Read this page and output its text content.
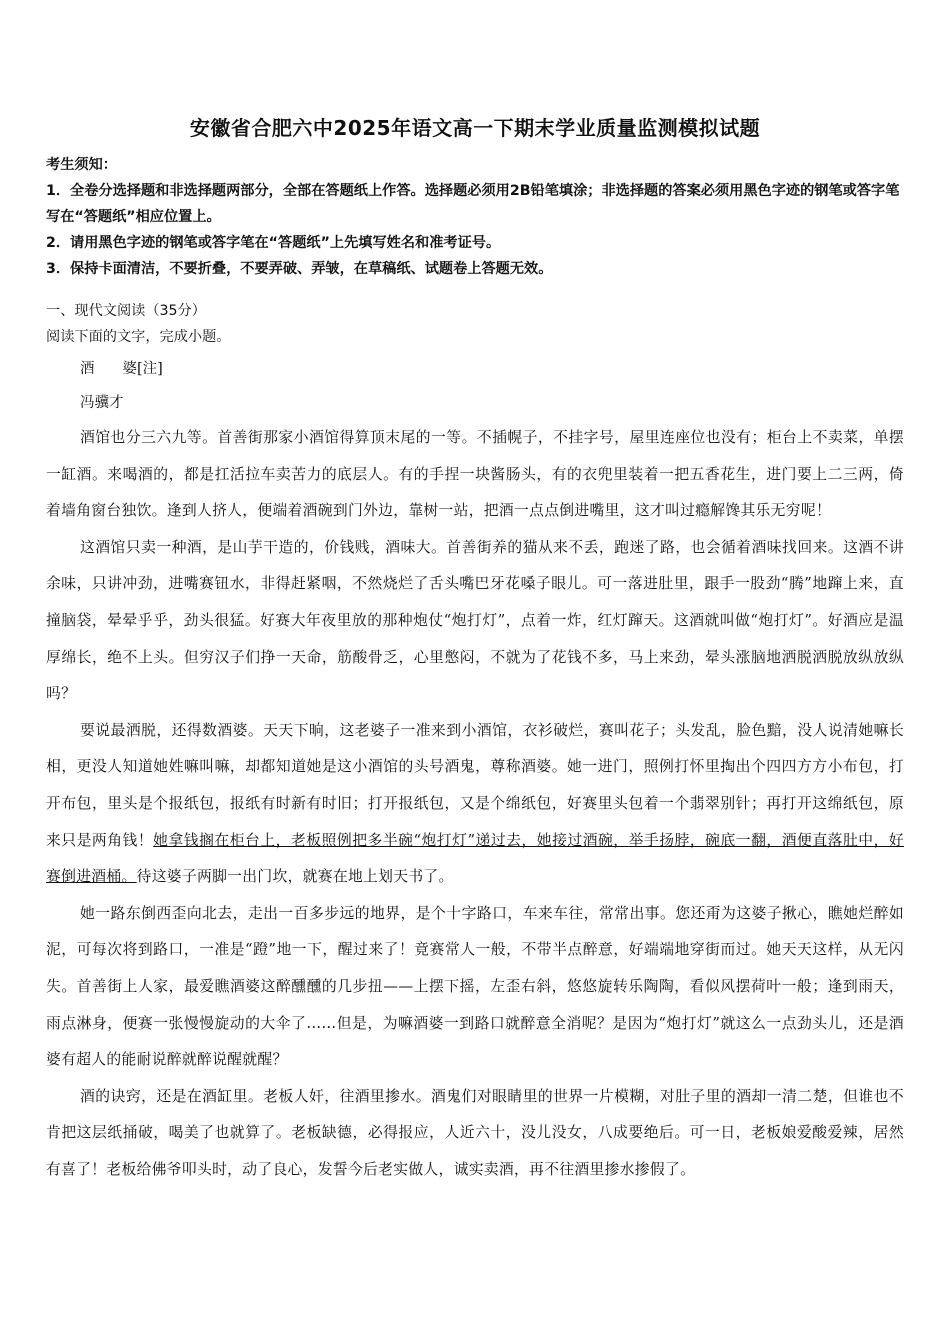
安徽省合肥六中2025年语文高一下期末学业质量监测模拟试题

考生须知：

1．全卷分选择题和非选择题两部分，全部在答题纸上作答。选择题必须用2B铅笔填涂；非选择题的答案必须用黑色字迹的钢笔或答字笔写在“答题纸”相应位置上。

2．请用黑色字迹的钢笔或答字笔在“答题纸”上先填写姓名和准考证号。

3．保持卡面清洁，不要折叠，不要弄破、弄皱，在草稿纸、试题卷上答题无效。

一、现代文阅读（35分）

阅读下面的文字，完成小题。

酒 婆[注]
冯骥才

酒馆也分三六九等。首善街那家小酒馆得算顶末尾的一等。不插幌子，不挂字号，屋里连座位也没有；柜台上不卖菜，单摆一缸酒。来喝酒的，都是扛活拉车卖苦力的底层人。有的手捏一块酱肠头，有的衣兜里装着一把五香花生，进门要上二三两，倚着墙角窗台独饮。逢到人挤人，便端着酒碗到门外边，靠树一站，把酒一点点倒进嘴里，这才叫过瘾解馋其乐无穷呢！

这酒馆只卖一种酒，是山芋干造的，价钱贱，酒味大。首善街养的猫从来不丢，跑迷了路，也会循着酒味找回来。这酒不讲余味，只讲冲劲，进嘴赛钮水，非得赶紧咽，不然烧烂了舌头嘴巴牙花嗓子眼儿。可一落进肚里，跟手一股劲“腾”地蹿上来，直撞脑袋，晕晕乎乎，劲头很猛。好赛大年夜里放的那种炮仗“炮打灯”，点着一炸，红灯蹿天。这酒就叫做“炮打灯”。好酒应是温厚绵长，绝不上头。但穷汉子们挣一天命，筋酸骨乏，心里憋闷，不就为了花钱不多，马上来劲，晕头涨脑地洒脱洒脱放纵放纵吗？

要说最洒脱，还得数酒婆。天天下晌，这老婆子一准来到小酒馆，衣衫破烂，赛叫花子；头发乱，脸色黯，没人说清她嘛长相，更没人知道她姓嘛叫嘛，却都知道她是这小酒馆的头号酒鬼，尊称酒婆。她一进门，照例打怀里掏出个四四方方小布包，打开布包，里头是个报纸包，报纸有时新有时旧；打开报纸包，又是个绵纸包，好赛里头包着一个翡翠别针；再打开这绵纸包，原来只是两角钱！她拿钱搁在柜台上，老板照例把多半碗“炮打灯”递过去，她接过酒碗，举手扬脖，碗底一翻，酒便直落肚中，好赛倒进酒桶。待这婆子两脚一出门坎，就赛在地上划天书了。

她一路东倒西歪向北去，走出一百多步远的地界，是个十字路口，车来车往，常常出事。您还甭为这婆子揪心，瞧她烂醉如泥，可每次将到路口，一准是“蹬”地一下，醒过来了！竟赛常人一般，不带半点醉意，好端端地穿街而过。她天天这样，从无闪失。首善街上人家，最爱瞧酒婆这醉醺醺的几步扭——上摆下摇，左歪右斜，悠悠旋转乐陶陶，看似风摆荷叶一般；逢到雨天，雨点淋身，便赛一张慢慢旋动的大伞了……但是，为嘛酒婆一到路口就醉意全消呢？是因为“炮打灯”就这么一点劲头儿，还是酒婆有超人的能耐说醉就醉说醒就醒？

酒的诀窍，还是在酒缸里。老板人奸，往酒里掺水。酒鬼们对眼睛里的世界一片模糊，对肚子里的酒却一清二楚，但谁也不肯把这层纸捅破，喝美了也就算了。老板缺德，必得报应，人近六十，没儿没女，八成要绝后。可一日，老板娘爱酸爱辣，居然有喜了！老板给佛爷叩头时，动了良心，发誓今后老实做人，诚实卖酒，再不往酒里掺水掺假了。
